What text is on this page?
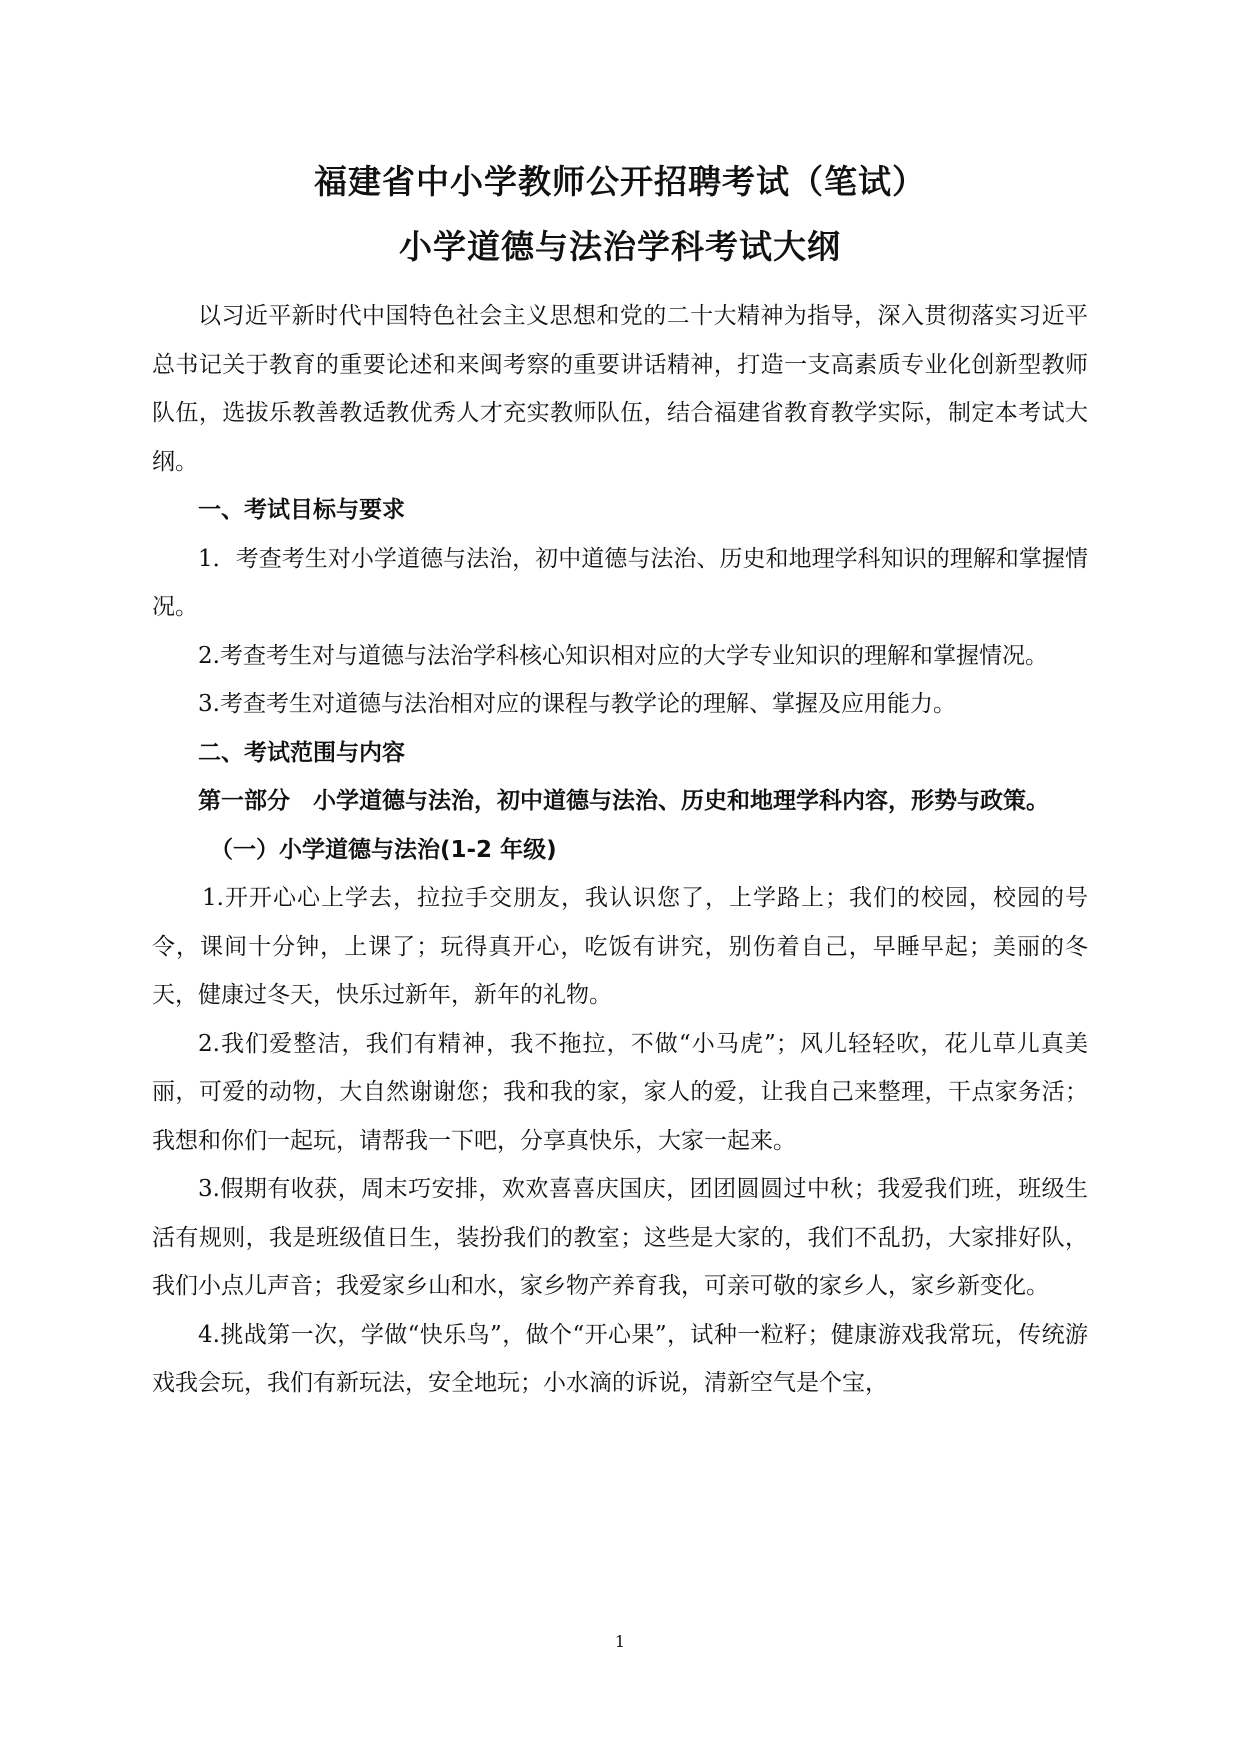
福建省中小学教师公开招聘考试（笔试）
小学道德与法治学科考试大纲

以习近平新时代中国特色社会主义思想和党的二十大精神为指导，深入贯彻落实习近平总书记关于教育的重要论述和来闽考察的重要讲话精神，打造一支高素质专业化创新型教师队伍，选拔乐教善教适教优秀人才充实教师队伍，结合福建省教育教学实际，制定本考试大纲。

一、考试目标与要求

1．考查考生对小学道德与法治，初中道德与法治、历史和地理学科知识的理解和掌握情况。

2.考查考生对与道德与法治学科核心知识相对应的大学专业知识的理解和掌握情况。

3.考查考生对道德与法治相对应的课程与教学论的理解、掌握及应用能力。

二、考试范围与内容

第一部分　小学道德与法治，初中道德与法治、历史和地理学科内容，形势与政策。

（一）小学道德与法治(1-2 年级)

1.开开心心上学去，拉拉手交朋友，我认识您了，上学路上；我们的校园，校园的号令，课间十分钟，上课了；玩得真开心，吃饭有讲究，别伤着自己，早睡早起；美丽的冬天，健康过冬天，快乐过新年，新年的礼物。

2.我们爱整洁，我们有精神，我不拖拉，不做“小马虎”；风儿轻轻吹，花儿草儿真美丽，可爱的动物，大自然谢谢您；我和我的家，家人的爱，让我自己来整理，干点家务活；我想和你们一起玩，请帮我一下吧，分享真快乐，大家一起来。

3.假期有收获，周末巧安排，欢欢喜喜庆国庆，团团圆圆过中秋；我爱我们班，班级生活有规则，我是班级值日生，装扮我们的教室；这些是大家的，我们不乱扔，大家排好队，我们小点儿声音；我爱家乡山和水，家乡物产养育我，可亲可敬的家乡人，家乡新变化。

4.挑战第一次，学做“快乐鸟”，做个“开心果”，试种一粒籽；健康游戏我常玩，传统游戏我会玩，我们有新玩法，安全地玩；小水滴的诉说，清新空气是个宝，

1
